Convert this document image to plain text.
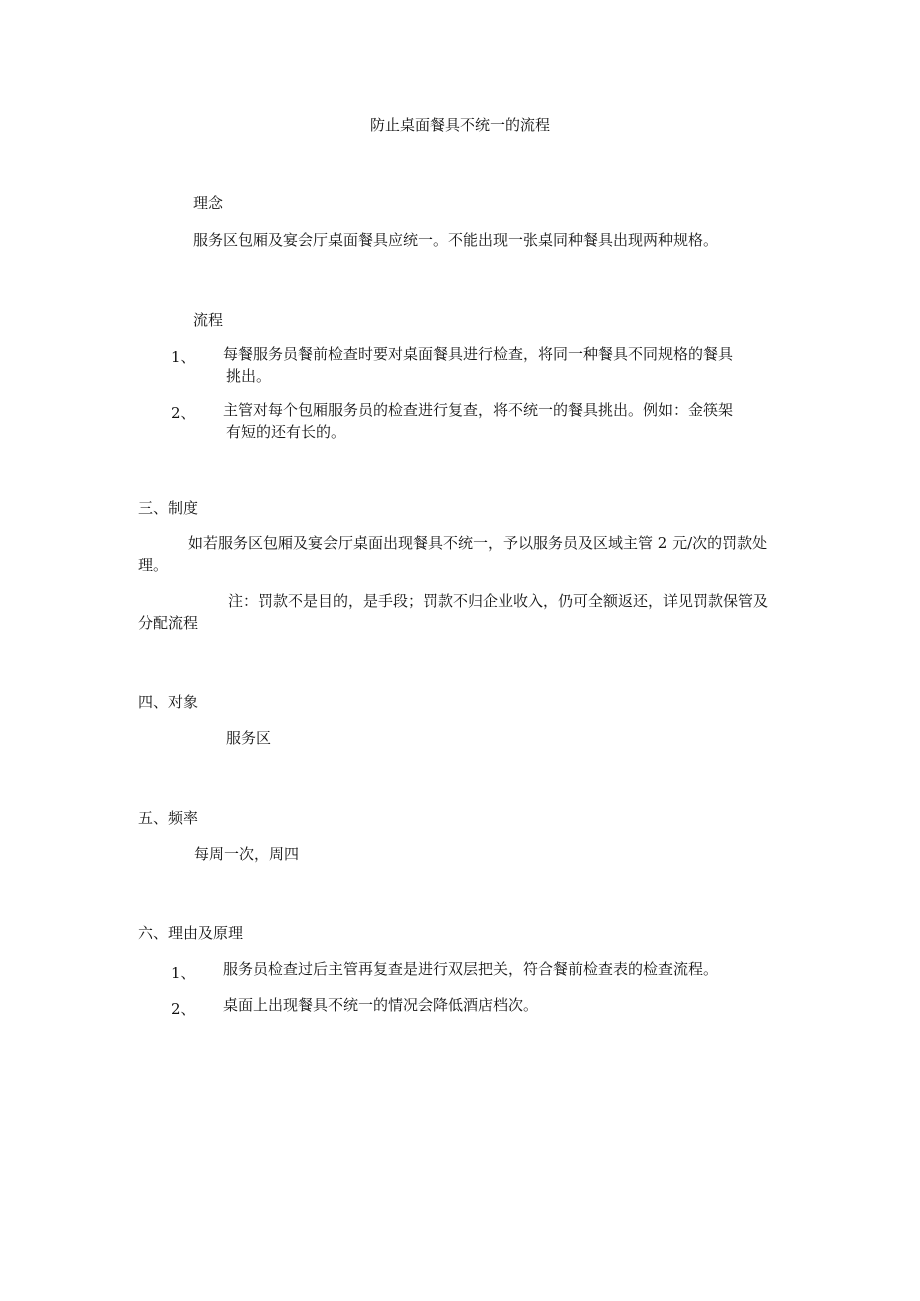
防止桌面餐具不统一的流程
理念
服务区包厢及宴会厅桌面餐具应统一。不能出现一张桌同种餐具出现两种规格。
流程
1、 每餐服务员餐前检查时要对桌面餐具进行检查，将同一种餐具不同规格的餐具
挑出。
2、 主管对每个包厢服务员的检查进行复查，将不统一的餐具挑出。例如：金筷架
有短的还有长的。
三、制度
如若服务区包厢及宴会厅桌面出现餐具不统一，予以服务员及区域主管 2 元/次的罚款处
理。
注：罚款不是目的，是手段；罚款不归企业收入，仍可全额返还，详见罚款保管及
分配流程
四、对象
服务区
五、频率
每周一次，周四
六、理由及原理
1、 服务员检查过后主管再复查是进行双层把关，符合餐前检查表的检查流程。
2、 桌面上出现餐具不统一的情况会降低酒店档次。
